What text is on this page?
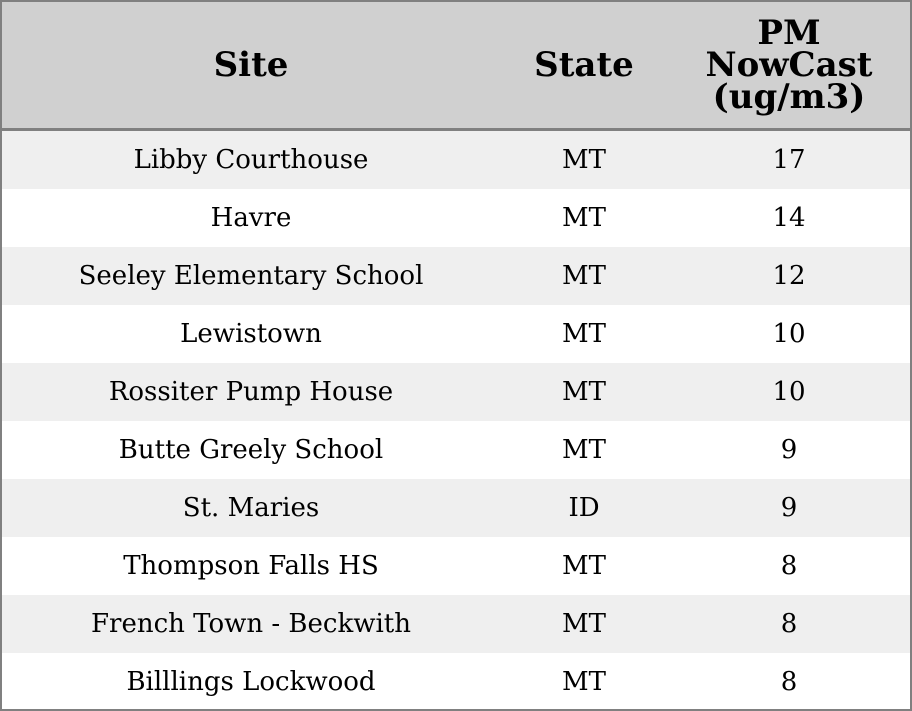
Site	State	PM
NowCast
(ug/m3)

Libby Courthouse	MT	17
Havre	MT	14
Seeley Elementary School	MT	12
Lewistown	MT	10
Rossiter Pump House	MT	10
Butte Greely School	MT	9
St. Maries	ID	9
Thompson Falls HS	MT	8
French Town - Beckwith	MT	8
Billlings Lockwood	MT	8
